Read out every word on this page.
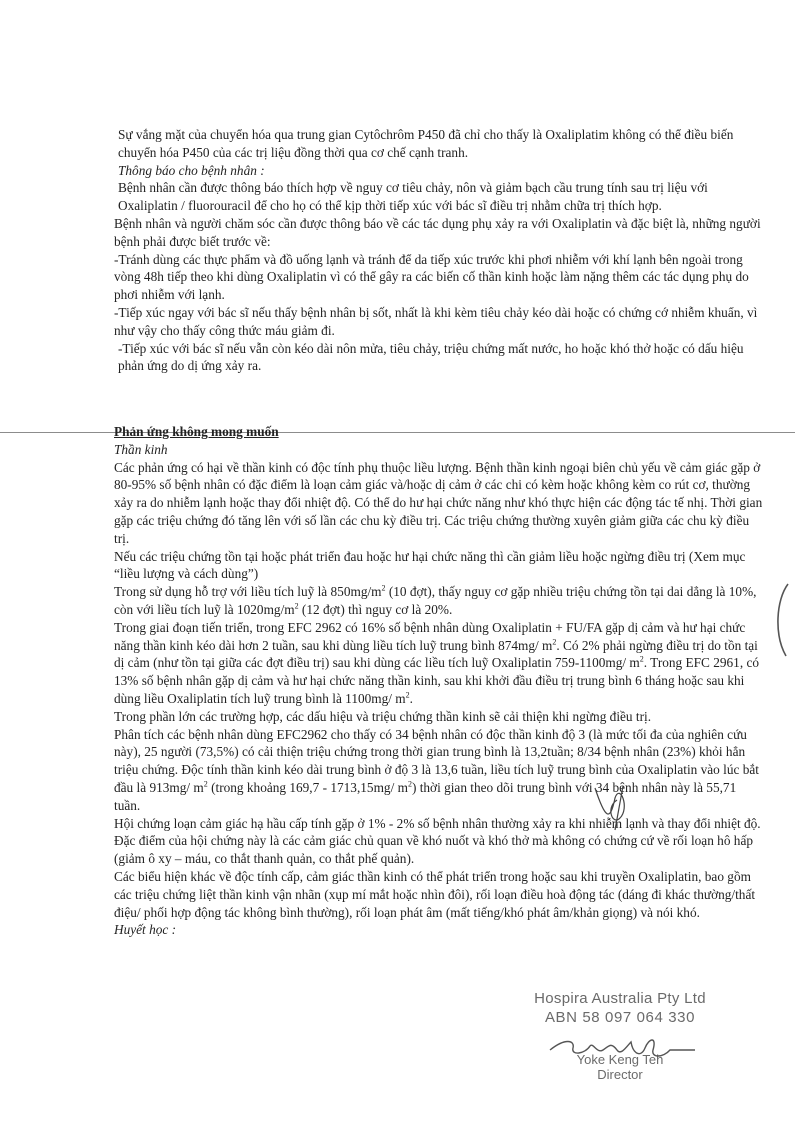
Sự vắng mặt của chuyển hóa qua trung gian Cytôchrôm P450 đã chỉ cho thấy là Oxaliplatim không có thể điều biến chuyển hóa P450 của các trị liệu đồng thời qua cơ chế cạnh tranh.

Thông báo cho bệnh nhân :

Bệnh nhân cần được thông báo thích hợp về nguy cơ tiêu chảy, nôn và giảm bạch cầu trung tính sau trị liệu với Oxaliplatin / fluorouracil để cho họ có thể kịp thời tiếp xúc với bác sĩ điều trị nhằm chữa trị thích hợp.

Bệnh nhân và người chăm sóc cần được thông báo về các tác dụng phụ xảy ra với Oxaliplatin và đặc biệt là, những người bệnh phải được biết trước về:

-Tránh dùng các thực phẩm và đồ uống lạnh và tránh để da tiếp xúc trước khi phơi nhiễm với khí lạnh bên ngoài trong vòng 48h tiếp theo khi dùng Oxaliplatin vì có thể gây ra các biến cố thần kinh hoặc làm nặng thêm các tác dụng phụ do phơi nhiễm với lạnh.

-Tiếp xúc ngay với bác sĩ nếu thấy bệnh nhân bị sốt, nhất là khi kèm tiêu chảy kéo dài hoặc có chứng cớ nhiễm khuẩn, vì như vậy cho thấy công thức máu giảm đi.

-Tiếp xúc với bác sĩ nếu vẫn còn kéo dài nôn mửa, tiêu chảy, triệu chứng mất nước, ho hoặc khó thở hoặc có dấu hiệu phản ứng do dị ứng xảy ra.

Phản ứng không mong muốn

Thần kinh

Các phản ứng có hại về thần kinh có độc tính phụ thuộc liều lượng. Bệnh thần kinh ngoại biên chủ yếu về cảm giác gặp ở 80-95% số bệnh nhân có đặc điểm là loạn cảm giác và/hoặc dị cảm ở các chi có kèm hoặc không kèm co rút cơ, thường xảy ra do nhiễm lạnh hoặc thay đổi nhiệt độ. Có thể do hư hại chức năng như khó thực hiện các động tác tế nhị. Thời gian gặp các triệu chứng đó tăng lên với số lần các chu kỳ điều trị. Các triệu chứng thường xuyên giảm giữa các chu kỳ điều trị.

Nếu các triệu chứng tồn tại hoặc phát triển đau hoặc hư hại chức năng thì cần giảm liều hoặc ngừng điều trị (Xem mục “liều lượng và cách dùng”)

Trong sử dụng hỗ trợ với liều tích luỹ là $850mg/m^2$ (10 đợt), thấy nguy cơ gặp nhiều triệu chứng tồn tại dai dẳng là 10%, còn với liều tích luỹ là $1020mg/m^2$ (12 đợt) thì nguy cơ là 20%.

Trong giai đoạn tiến triển, trong EFC 2962 có 16% số bệnh nhân dùng Oxaliplatin + FU/FA gặp dị cảm và hư hại chức năng thần kinh kéo dài hơn 2 tuần, sau khi dùng liều tích luỹ trung bình 874mg/ $m^2$. Có 2% phải ngừng điều trị do tồn tại dị cảm (như tồn tại giữa các đợt điều trị) sau khi dùng các liều tích luỹ Oxaliplatin 759-1100mg/ $m^2$. Trong EFC 2961, có 13% số bệnh nhân gặp dị cảm và hư hại chức năng thần kinh, sau khi khởi đầu điều trị trung bình 6 tháng hoặc sau khi dùng liều Oxaliplatin tích luỹ trung bình là 1100mg/ $m^2$.

Trong phần lớn các trường hợp, các dấu hiệu và triệu chứng thần kinh sẽ cải thiện khi ngừng điều trị.

Phân tích các bệnh nhân dùng EFC2962 cho thấy có 34 bệnh nhân có độc thần kinh độ 3 (là mức tối đa của nghiên cứu này), 25 người (73,5%) có cải thiện triệu chứng trong thời gian trung bình là 13,2tuần; 8/34 bệnh nhân (23%) khỏi hẳn triệu chứng. Độc tính thần kinh kéo dài trung bình ở độ 3 là 13,6 tuần, liều tích luỹ trung bình của Oxaliplatin vào lúc bắt đầu là 913mg/ $m^2$ (trong khoảng 169,7 - 1713,15mg/ $m^2$) thời gian theo dõi trung bình với 34 bệnh nhân này là 55,71 tuần.

Hội chứng loạn cảm giác hạ hầu cấp tính gặp ở 1% - 2% số bệnh nhân thường xảy ra khi nhiễm lạnh và thay đổi nhiệt độ. Đặc điểm của hội chứng này là các cảm giác chủ quan về khó nuốt và khó thở mà không có chứng cứ về rối loạn hô hấp (giảm ô xy – máu, co thắt thanh quản, co thắt phế quản).

Các biểu hiện khác về độc tính cấp, cảm giác thần kinh có thể phát triển trong hoặc sau khi truyền Oxaliplatin, bao gồm các triệu chứng liệt thần kinh vận nhãn (xụp mí mắt hoặc nhìn đôi), rối loạn điều hoà động tác (dáng đi khác thường/thất điệu/ phối hợp động tác không bình thường), rối loạn phát âm (mất tiếng/khó phát âm/khản giọng) và nói khó.

Huyết học :

Hospira Australia Pty Ltd
ABN 58 097 064 330
Yoke Keng Teh
Director
